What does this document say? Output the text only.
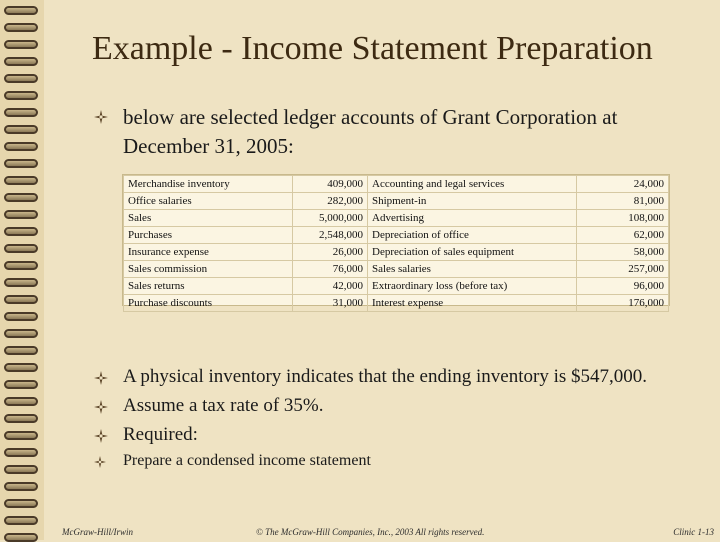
Example - Income Statement Preparation
below are selected ledger accounts of Grant Corporation at December 31, 2005:
Merchandise inventory	409,000	Accounting and legal services	24,000
Office salaries	282,000	Shipment-in	81,000
Sales	5,000,000	Advertising	108,000
Purchases	2,548,000	Depreciation of office	62,000
Insurance expense	26,000	Depreciation of sales equipment	58,000
Sales commission	76,000	Sales salaries	257,000
Sales returns	42,000	Extraordinary loss (before tax)	96,000
Purchase discounts	31,000	Interest expense	176,000
A physical inventory indicates that the ending inventory is $547,000.
Assume a tax rate of 35%.
Required:
Prepare a condensed income statement
McGraw-Hill/Irwin	© The McGraw-Hill Companies, Inc., 2003 All rights reserved.	Clinic 1-13
